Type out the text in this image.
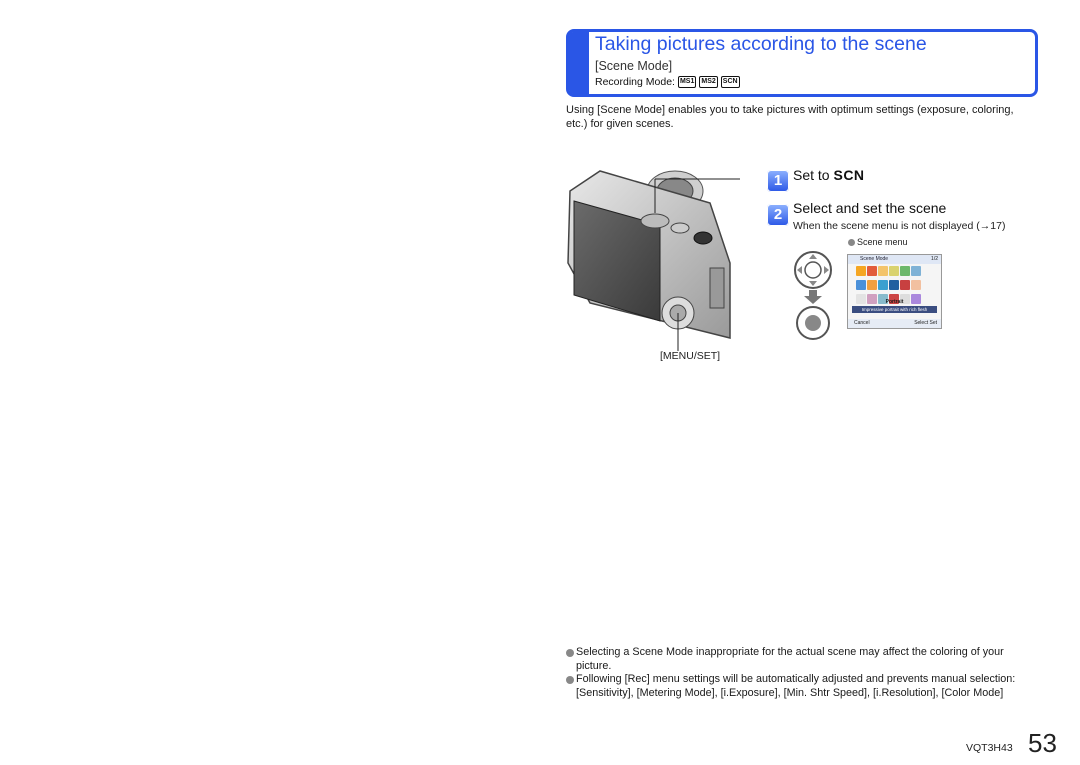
Taking pictures according to the scene
[Scene Mode]
Recording Mode: MS1 MS2 SCN
Using [Scene Mode] enables you to take pictures with optimum settings (exposure, coloring, etc.) for given scenes.
[MENU/SET]
1 Set to SCN
2 Select and set the scene
When the scene menu is not displayed (→17)
Scene menu
Scene Mode	1/2

Portrait
Impressive portrait with rich flesh
Cancel	Select Set
Selecting a Scene Mode inappropriate for the actual scene may affect the coloring of your picture.
Following [Rec] menu settings will be automatically adjusted and prevents manual selection:
[Sensitivity], [Metering Mode], [i.Exposure], [Min. Shtr Speed], [i.Resolution], [Color Mode]
VQT3H43 53
